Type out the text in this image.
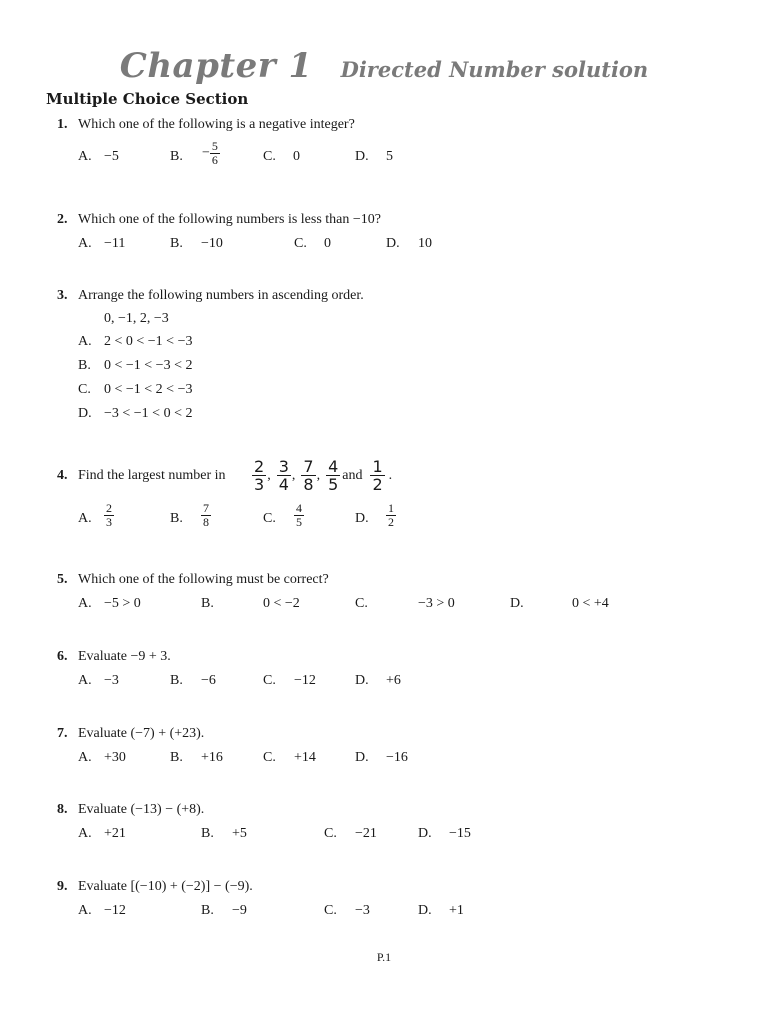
Chapter 1 Directed Number solution
Multiple Choice Section
1. Which one of the following is a negative integer?
A. −5	B. − $\frac{5}{6}$	C. 0	D. 5
2. Which one of the following numbers is less than −10?
A. −11	B. −10	C. 0	D. 10
3. Arrange the following numbers in ascending order.
0, −1, 2, −3
A. 2 < 0 < −1 < −3
B. 0 < −1 < −3 < 2
C. 0 < −1 < 2 < −3
D. −3 < −1 < 0 < 2
4. Find the largest number in $\frac{2}{3}$ , $\frac{3}{4}$ , $\frac{7}{8}$ , $\frac{4}{5}$ and $\frac{1}{2}$ .
A. $\frac{2}{3}$	B. $\frac{7}{8}$	C. $\frac{4}{5}$	D. $\frac{1}{2}$
5. Which one of the following must be correct?
A. −5 > 0	B.	0 < −2	C.	−3 > 0	D.	0 < +4
6. Evaluate −9 + 3.
A. −3	B. −6	C. −12	D. +6
7. Evaluate (−7) + (+23).
A. +30	B. +16	C. +14	D. −16
8. Evaluate (−13) − (+8).
A. +21	B. +5	C. −21	D. −15
9. Evaluate [(−10) + (−2)] − (−9).
A. −12	B. −9	C. −3	D. +1
P.1
